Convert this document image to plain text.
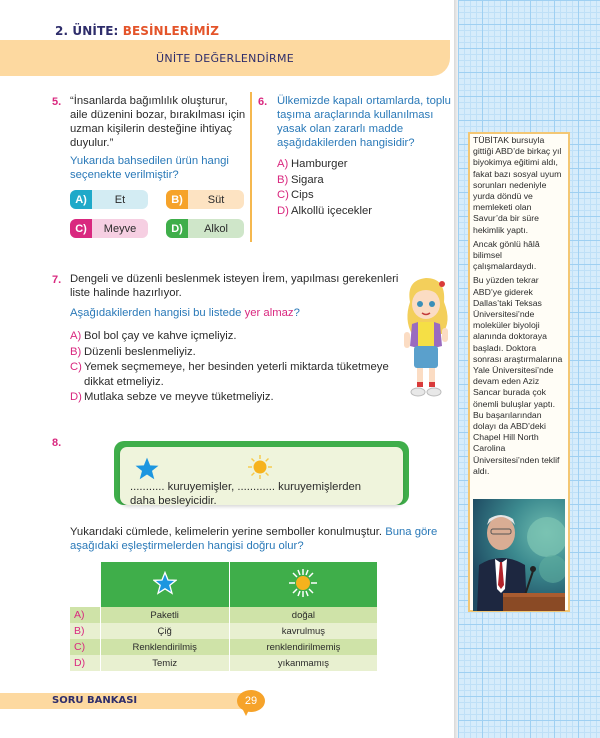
2. ÜNİTE: BESİNLERİMİZ
ÜNİTE DEĞERLENDİRME
5. “İnsanlarda bağımlılık oluşturur, aile düzenini bozar, bırakılması için uzman kişilerin desteğine ihtiyaç duyulur.”
Yukarıda bahsedilen ürün hangi seçenekte verilmiştir?
A)	Et	B)	Süt
C)	Meyve	D)	Alkol
6. Ülkemizde kapalı ortamlarda, toplu taşıma araçlarında kullanılması yasak olan zararlı madde aşağıdakilerden hangisidir?
A) Hamburger
B) Sigara
C) Cips
D) Alkollü içecekler
7. Dengeli ve düzenli beslenmek isteyen İrem, yapılması gerekenleri liste halinde hazırlıyor.
Aşağıdakilerden hangisi bu listede yer almaz?
A) Bol bol çay ve kahve içmeliyiz.
B) Düzenli beslenmeliyiz.
C) Yemek seçmemeye, her besinden yeterli miktarda tüketmeye dikkat etmeliyiz.
D) Mutlaka sebze ve meyve tüketmeliyiz.
8.
........... kuruyemişler, ............ kuruyemişlerden
daha besleyicidir.
Yukarıdaki cümlede, kelimelerin yerine semboller konulmuştur. Buna göre aşağıdaki eşleştirmelerden hangisi doğru olur?

A)	Paketli	doğal
B)	Çiğ	kavrulmuş
C)	Renklendirilmiş	renklendirilmemiş
D)	Temiz	yıkanmamış
SORU BANKASI	29

TÜBİTAK bursuyla gittiği ABD’de birkaç yıl biyokimya eğitimi aldı, fakat bazı sosyal uyum sorunları nedeniyle yurda döndü ve memleketi olan Savur’da bir süre hekimlik yaptı.

Ancak gönlü hâlâ bilimsel çalışmalardaydı.

Bu yüzden tekrar ABD’ye giderek Dallas’taki Teksas Üniversitesi’nde moleküler biyoloji alanında doktoraya başladı. Doktora sonrası araştırmalarına Yale Üniversitesi’nde devam eden Aziz Sancar burada çok önemli buluşlar yaptı. Bu başarılarından dolayı da ABD’deki Chapel Hill North Carolina Üniversitesi’nden teklif aldı.
